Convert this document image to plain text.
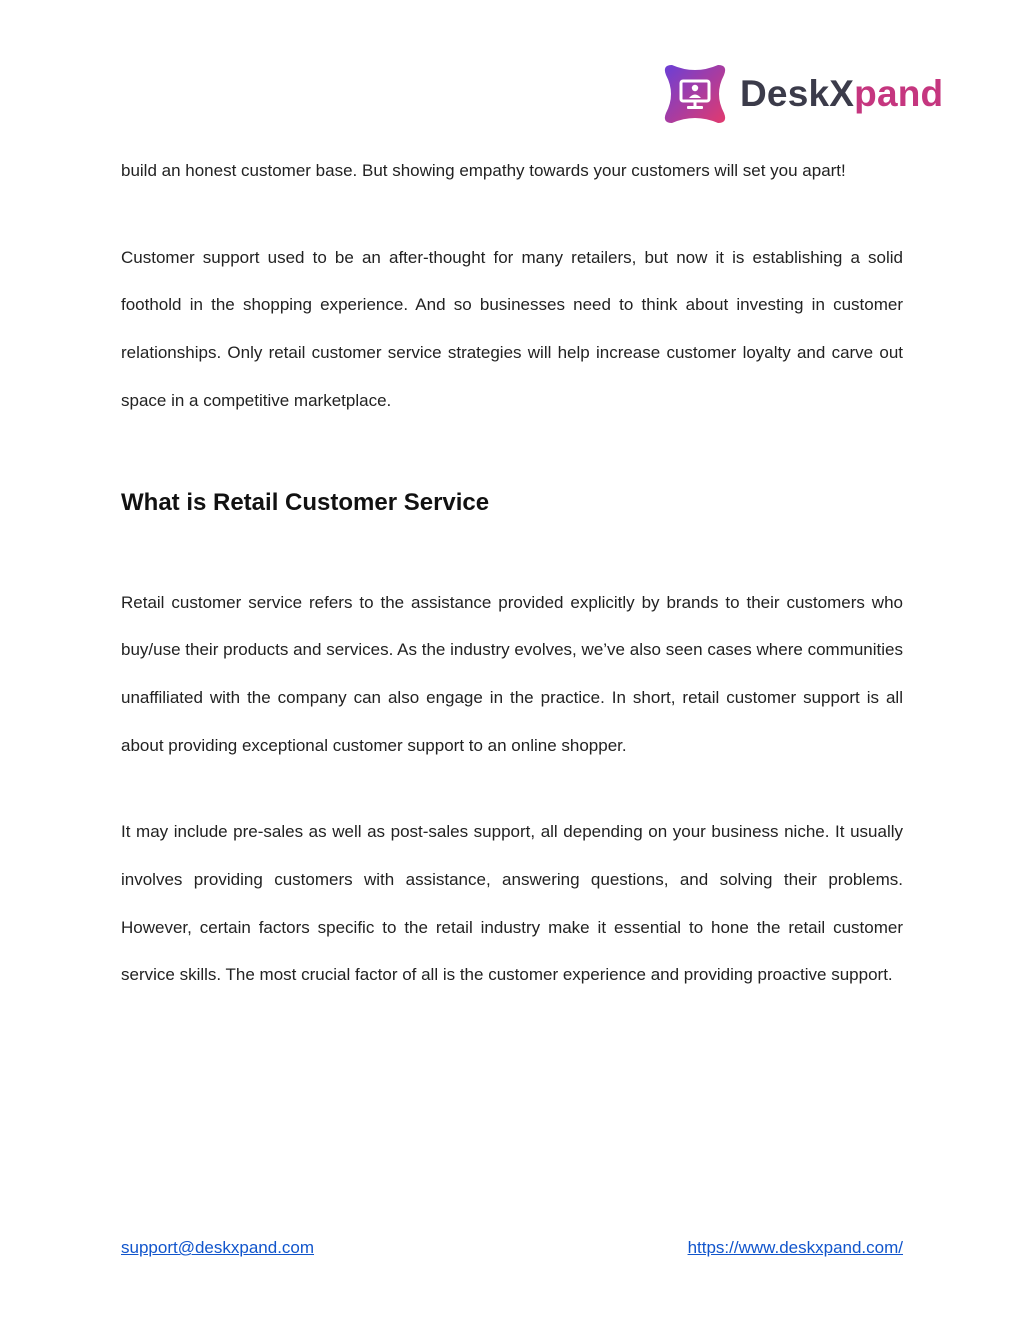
DeskXpand

build an honest customer base. But showing empathy towards your customers will set you apart!

Customer support used to be an after-thought for many retailers, but now it is establishing a solid foothold in the shopping experience. And so businesses need to think about investing in customer relationships. Only retail customer service strategies will help increase customer loyalty and carve out space in a competitive marketplace.

What is Retail Customer Service

Retail customer service refers to the assistance provided explicitly by brands to their customers who buy/use their products and services. As the industry evolves, we’ve also seen cases where communities unaffiliated with the company can also engage in the practice. In short, retail customer support is all about providing exceptional customer support to an online shopper.

It may include pre-sales as well as post-sales support, all depending on your business niche. It usually involves providing customers with assistance, answering questions, and solving their problems. However, certain factors specific to the retail industry make it essential to hone the retail customer service skills. The most crucial factor of all is the customer experience and providing proactive support.

support@deskxpand.com	https://www.deskxpand.com/
